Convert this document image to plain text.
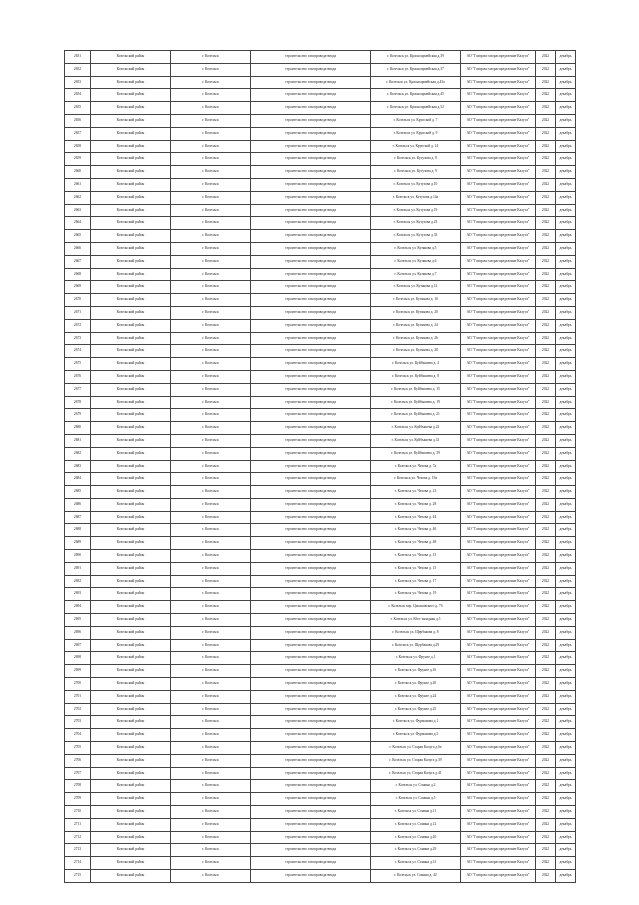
2651	Козельский район	г. Козельск	строительство газопровода-ввода	г. Козельск ул. Красноармейская д.39	АО "Газпром газораспределение Калуга"	2022	декабрь
2652	Козельский район	г. Козельск	строительство газопровода-ввода	г. Козельск ул. Красноармейская д.37	АО "Газпром газораспределение Калуга"	2022	декабрь
2653	Козельский район	г. Козельск	строительство газопровода-ввода	г. Козельск ул. Красноармейская д.43а	АО "Газпром газораспределение Калуга"	2022	декабрь
2654	Козельский район	г. Козельск	строительство газопровода-ввода	г. Козельск ул. Красноармейская д.45	АО "Газпром газораспределение Калуга"	2022	декабрь
2655	Козельский район	г. Козельск	строительство газопровода-ввода	г. Козельск ул. Красноармейская д.52	АО "Газпром газораспределение Калуга"	2022	декабрь
2656	Козельский район	г. Козельск	строительство газопровода-ввода	г. Козельск ул. Крупской д. 7	АО "Газпром газораспределение Калуга"	2022	декабрь
2657	Козельский район	г. Козельск	строительство газопровода-ввода	г. Козельск ул. Крупской д. 9	АО "Газпром газораспределение Калуга"	2022	декабрь
2658	Козельский район	г. Козельск	строительство газопровода-ввода	г. Козельск ул. Крупской д. 14	АО "Газпром газораспределение Калуга"	2022	декабрь
2659	Козельский район	г. Козельск	строительство газопровода-ввода	г. Козельск ул. Кутузова д. 8	АО "Газпром газораспределение Калуга"	2022	декабрь
2660	Козельский район	г. Козельск	строительство газопровода-ввода	г. Козельск ул. Кутузова д. 9	АО "Газпром газораспределение Калуга"	2022	декабрь
2661	Козельский район	г. Козельск	строительство газопровода-ввода	г. Козельск ул. Кутузова д.10	АО "Газпром газораспределение Калуга"	2022	декабрь
2662	Козельский район	г. Козельск	строительство газопровода-ввода	г. Козельск ул. Кутузова д.14а	АО "Газпром газораспределение Калуга"	2022	декабрь
2663	Козельский район	г. Козельск	строительство газопровода-ввода	г. Козельск ул. Кутузова д.19	АО "Газпром газораспределение Калуга"	2022	декабрь
2664	Козельский район	г. Козельск	строительство газопровода-ввода	г. Козельск ул. Кутузова д.23	АО "Газпром газораспределение Калуга"	2022	декабрь
2665	Козельский район	г. Козельск	строительство газопровода-ввода	г. Козельск ул. Кутузова д.33	АО "Газпром газораспределение Калуга"	2022	декабрь
2666	Козельский район	г. Козельск	строительство газопровода-ввода	г. Козельск ул. Кутякова д.5	АО "Газпром газораспределение Калуга"	2022	декабрь
2667	Козельский район	г. Козельск	строительство газопровода-ввода	г. Козельск ул. Кутякова д.6	АО "Газпром газораспределение Калуга"	2022	декабрь
2668	Козельский район	г. Козельск	строительство газопровода-ввода	г. Козельск ул. Кутякова д.7	АО "Газпром газораспределение Калуга"	2022	декабрь
2669	Козельский район	г. Козельск	строительство газопровода-ввода	г. Козельск ул. Кутякова д.12	АО "Газпром газораспределение Калуга"	2022	декабрь
2670	Козельский район	г. Козельск	строительство газопровода-ввода	г. Козельск ул. Кутякова д. 16	АО "Газпром газораспределение Калуга"	2022	декабрь
2671	Козельский район	г. Козельск	строительство газопровода-ввода	г. Козельск ул. Кутякова д. 20	АО "Газпром газораспределение Калуга"	2022	декабрь
2672	Козельский район	г. Козельск	строительство газопровода-ввода	г. Козельск ул. Кутякова д. 24	АО "Газпром газораспределение Калуга"	2022	декабрь
2673	Козельский район	г. Козельск	строительство газопровода-ввода	г. Козельск ул. Кутякова д. 26	АО "Газпром газораспределение Калуга"	2022	декабрь
2674	Козельский район	г. Козельск	строительство газопровода-ввода	г. Козельск ул. Кутякова д. 28	АО "Газпром газораспределение Калуга"	2022	декабрь
2675	Козельский район	г. Козельск	строительство газопровода-ввода	г. Козельск ул. Куйбышева д. 4	АО "Газпром газораспределение Калуга"	2022	декабрь
2676	Козельский район	г. Козельск	строительство газопровода-ввода	г. Козельск ул. Куйбышева д. 8	АО "Газпром газораспределение Калуга"	2022	декабрь
2677	Козельский район	г. Козельск	строительство газопровода-ввода	г. Козельск ул. Куйбышева д. 15	АО "Газпром газораспределение Калуга"	2022	декабрь
2678	Козельский район	г. Козельск	строительство газопровода-ввода	г. Козельск ул. Куйбышева д. 19	АО "Газпром газораспределение Калуга"	2022	декабрь
2679	Козельский район	г. Козельск	строительство газопровода-ввода	г. Козельск ул. Куйбышева д. 21	АО "Газпром газораспределение Калуга"	2022	декабрь
2680	Козельский район	г. Козельск	строительство газопровода-ввода	г. Козельск ул. Куйбышева д.22	АО "Газпром газораспределение Калуга"	2022	декабрь
2681	Козельский район	г. Козельск	строительство газопровода-ввода	г. Козельск ул. Куйбышева д.31	АО "Газпром газораспределение Калуга"	2022	декабрь
2682	Козельский район	г. Козельск	строительство газопровода-ввода	г. Козельск ул. Куйбышева д. 39	АО "Газпром газораспределение Калуга"	2022	декабрь
2683	Козельский район	г. Козельск	строительство газопровода-ввода	г. Козельск ул. Чехова д. 7а	АО "Газпром газораспределение Калуга"	2022	декабрь
2684	Козельский район	г. Козельск	строительство газопровода-ввода	г. Козельск ул. Чехова д. 19а	АО "Газпром газораспределение Калуга"	2022	декабрь
2685	Козельский район	г. Козельск	строительство газопровода-ввода	г. Козельск ул. Чехова д. 23	АО "Газпром газораспределение Калуга"	2022	декабрь
2686	Козельский район	г. Козельск	строительство газопровода-ввода	г. Козельск ул. Чехова д. 28	АО "Газпром газораспределение Калуга"	2022	декабрь
2687	Козельский район	г. Козельск	строительство газопровода-ввода	г. Козельск ул. Чехова д. 44	АО "Газпром газораспределение Калуга"	2022	декабрь
2688	Козельский район	г. Козельск	строительство газопровода-ввода	г. Козельск ул. Чехова д. 46	АО "Газпром газораспределение Калуга"	2022	декабрь
2689	Козельский район	г. Козельск	строительство газопровода-ввода	г. Козельск ул. Чехова д. 48	АО "Газпром газораспределение Калуга"	2022	декабрь
2690	Козельский район	г. Козельск	строительство газопровода-ввода	г. Козельск ул. Чехова д. 13	АО "Газпром газораспределение Калуга"	2022	декабрь
2691	Козельский район	г. Козельск	строительство газопровода-ввода	г. Козельск ул. Чехова д. 15	АО "Газпром газораспределение Калуга"	2022	декабрь
2692	Козельский район	г. Козельск	строительство газопровода-ввода	г. Козельск ул. Чехова д. 17	АО "Газпром газораспределение Калуга"	2022	декабрь
2693	Козельский район	г. Козельск	строительство газопровода-ввода	г. Козельск ул. Чехова д. 19	АО "Газпром газораспределение Калуга"	2022	декабрь
2694	Козельский район	г. Козельск	строительство газопровода-ввода	г. Козельск пер. Циолковского д. 7б	АО "Газпром газораспределение Калуга"	2022	декабрь
2695	Козельский район	г. Козельск	строительство газопровода-ввода	г. Козельск ул. Юго-западная д.5	АО "Газпром газораспределение Калуга"	2022	декабрь
2696	Козельский район	г. Козельск	строительство газопровода-ввода	г. Козельск ул. Щербакова д. 8	АО "Газпром газораспределение Калуга"	2022	декабрь
2697	Козельский район	г. Козельск	строительство газопровода-ввода	г. Козельск ул. Щербакова д.29	АО "Газпром газораспределение Калуга"	2022	декабрь
2698	Козельский район	г. Козельск	строительство газопровода-ввода	г. Козельск ул. Фрунзе д.1	АО "Газпром газораспределение Калуга"	2022	декабрь
2699	Козельский район	г. Козельск	строительство газопровода-ввода	г. Козельск ул. Фрунзе д.16	АО "Газпром газораспределение Калуга"	2022	декабрь
2700	Козельский район	г. Козельск	строительство газопровода-ввода	г. Козельск ул. Фрунзе д.20	АО "Газпром газораспределение Калуга"	2022	декабрь
2701	Козельский район	г. Козельск	строительство газопровода-ввода	г. Козельск ул. Фрунзе д.24	АО "Газпром газораспределение Калуга"	2022	декабрь
2702	Козельский район	г. Козельск	строительство газопровода-ввода	г. Козельск ул. Фрунзе д.25	АО "Газпром газораспределение Калуга"	2022	декабрь
2703	Козельский район	г. Козельск	строительство газопровода-ввода	г. Козельск ул. Фурманова д.1	АО "Газпром газораспределение Калуга"	2022	декабрь
2704	Козельский район	г. Козельск	строительство газопровода-ввода	г. Козельск ул. Фурманова д.3	АО "Газпром газораспределение Калуга"	2022	декабрь
2705	Козельский район	г. Козельск	строительство газопровода-ввода	г. Козельск ул. Старая Калуга д.6а	АО "Газпром газораспределение Калуга"	2022	декабрь
2706	Козельский район	г. Козельск	строительство газопровода-ввода	г. Козельск ул. Старая Калуга д.39	АО "Газпром газораспределение Калуга"	2022	декабрь
2707	Козельский район	г. Козельск	строительство газопровода-ввода	г. Козельск ул. Старая Калуга д.41	АО "Газпром газораспределение Калуга"	2022	декабрь
2708	Козельский район	г. Козельск	строительство газопровода-ввода	г. Козельск ул. Сонина д.2	АО "Газпром газораспределение Калуга"	2022	декабрь
2709	Козельский район	г. Козельск	строительство газопровода-ввода	г. Козельск ул. Сонина д.5	АО "Газпром газораспределение Калуга"	2022	декабрь
2710	Козельский район	г. Козельск	строительство газопровода-ввода	г. Козельск ул. Сонина д.11	АО "Газпром газораспределение Калуга"	2022	декабрь
2711	Козельский район	г. Козельск	строительство газопровода-ввода	г. Козельск ул. Сонина д.12	АО "Газпром газораспределение Калуга"	2022	декабрь
2712	Козельский район	г. Козельск	строительство газопровода-ввода	г. Козельск ул. Сонина д.20	АО "Газпром газораспределение Калуга"	2022	декабрь
2713	Козельский район	г. Козельск	строительство газопровода-ввода	г. Козельск ул. Сонина д.29	АО "Газпром газораспределение Калуга"	2022	декабрь
2714	Козельский район	г. Козельск	строительство газопровода-ввода	г. Козельск ул. Сонина д.31	АО "Газпром газораспределение Калуга"	2022	декабрь
2715	Козельский район	г. Козельск	строительство газопровода-ввода	г. Козельск ул. Сонина д. 42	АО "Газпром газораспределение Калуга"	2022	декабрь
